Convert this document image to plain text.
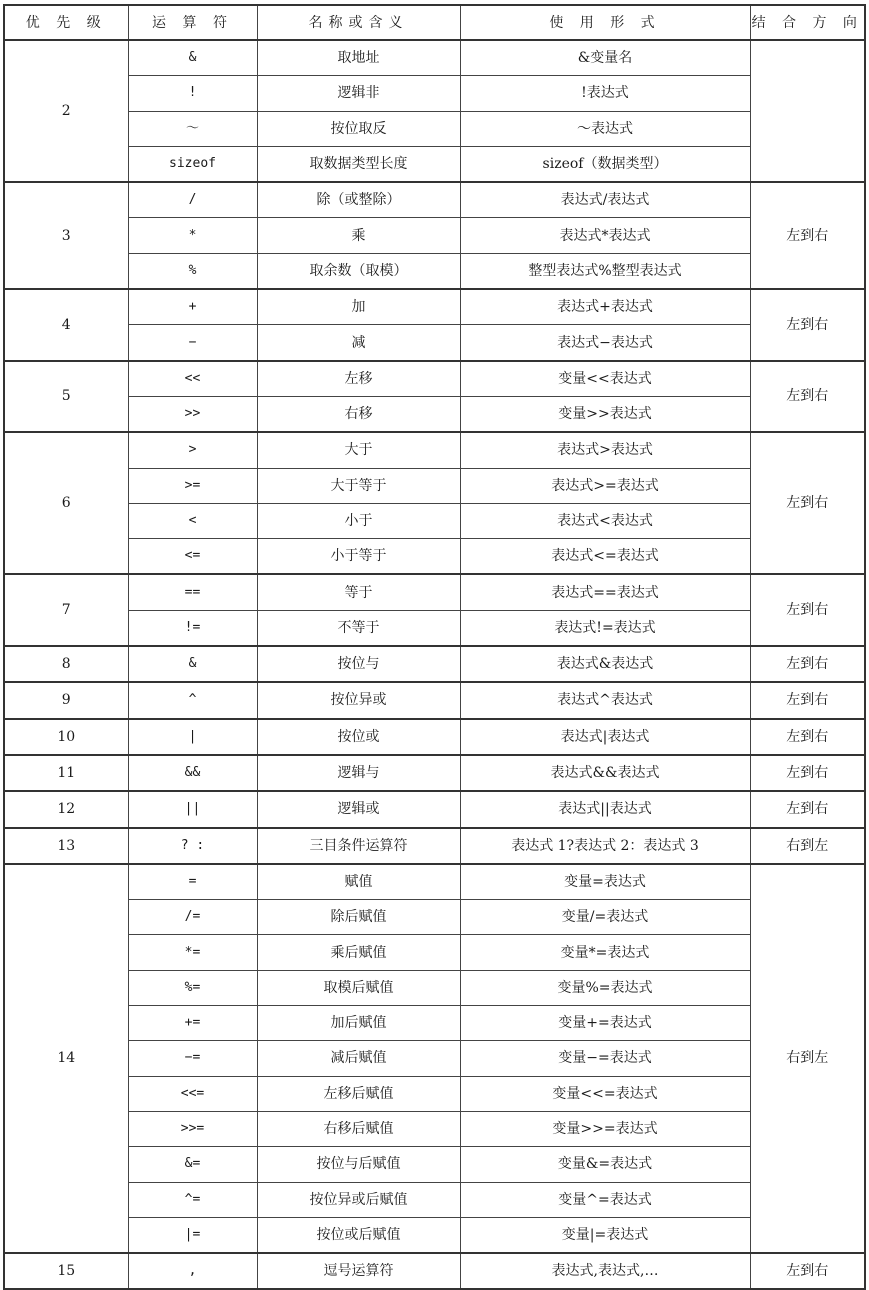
优 先 级	运 算 符	名称或含义	使 用 形 式	结 合 方 向
2	&	取地址	&变量名	
	!	逻辑非	!表达式	
	～	按位取反	～表达式	
	sizeof	取数据类型长度	sizeof（数据类型）	
3	/	除（或整除）	表达式/表达式	左到右
	*	乘	表达式*表达式	
	%	取余数（取模）	整型表达式%整型表达式	
4	+	加	表达式+表达式	左到右
	−	减	表达式−表达式	
5	<<	左移	变量<<表达式	左到右
	>>	右移	变量>>表达式	
6	>	大于	表达式>表达式	左到右
	>=	大于等于	表达式>=表达式	
	<	小于	表达式<表达式	
	<=	小于等于	表达式<=表达式	
7	==	等于	表达式==表达式	左到右
	!=	不等于	表达式!=表达式	
8	&	按位与	表达式&表达式	左到右
9	^	按位异或	表达式^表达式	左到右
10	|	按位或	表达式|表达式	左到右
11	&&	逻辑与	表达式&&表达式	左到右
12	||	逻辑或	表达式||表达式	左到右
13	? :	三目条件运算符	表达式 1?表达式 2：表达式 3	右到左
14	=	赋值	变量=表达式	右到左
	/=	除后赋值	变量/=表达式	
	*=	乘后赋值	变量*=表达式	
	%=	取模后赋值	变量%=表达式	
	+=	加后赋值	变量+=表达式	
	−=	减后赋值	变量−=表达式	
	<<=	左移后赋值	变量<<=表达式	
	>>=	右移后赋值	变量>>=表达式	
	&=	按位与后赋值	变量&=表达式	
	^=	按位异或后赋值	变量^=表达式	
	|=	按位或后赋值	变量|=表达式	
15	,	逗号运算符	表达式,表达式,…	左到右
